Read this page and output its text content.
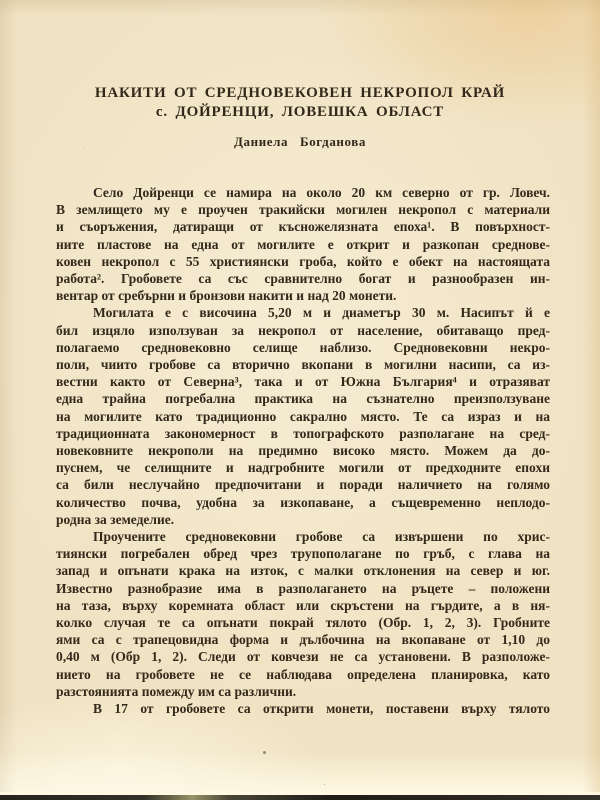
НАКИТИ ОТ СРЕДНОВЕКОВЕН НЕКРОПОЛ КРАЙ
с. ДОЙРЕНЦИ, ЛОВЕШКА ОБЛАСТ
Даниела Богданова
Село Дойренци се намира на около 20 км северно от гр. Ловеч.
В землището му е проучен тракийски могилен некропол с материали
и съоръжения, датиращи от късножелязната епоха¹. В повърхност-
ните пластове на една от могилите е открит и разкопан среднове-
ковен некропол с 55 християнски гроба, който е обект на настоящата
работа². Гробовете са със сравнително богат и разнообразен ин-
вентар от сребърни и бронзови накити и над 20 монети.
Могилата е с височина 5,20 м и диаметър 30 м. Насипът й е
бил изцяло използуван за некропол от население, обитаващо пред-
полагаемо средновековно селище наблизо. Средновековни некро-
поли, чиито гробове са вторично вкопани в могилни насипи, са из-
вестни както от Северна³, така и от Южна България⁴ и отразяват
една трайна погребална практика на съзнателно преизползуване
на могилите като традиционно сакрално място. Те са израз и на
традиционната закономерност в топографското разполагане на сред-
новековните некрополи на предимно високо място. Можем да до-
пуснем, че селищните и надгробните могили от предходните епохи
са били неслучайно предпочитани и поради наличието на голямо
количество почва, удобна за изкопаване, а същевременно неплодо-
родна за земеделие.
Проучените средновековни гробове са извършени по хрис-
тиянски погребален обред чрез трупополагане по гръб, с глава на
запад и опънати крака на изток, с малки отклонения на север и юг.
Известно разнобразие има в разполагането на ръцете – положени
на таза, върху коремната област или скръстени на гърдите, а в ня-
колко случая те са опънати покрай тялото (Обр. 1, 2, 3). Гробните
ями са с трапецовидна форма и дълбочина на вкопаване от 1,10 до
0,40 м (Обр 1, 2). Следи от ковчези не са установени. В разположе-
нието на гробовете не се наблюдава определена планировка, като
разстоянията помежду им са различни.
В 17 от гробовете са открити монети, поставени върху тялото
